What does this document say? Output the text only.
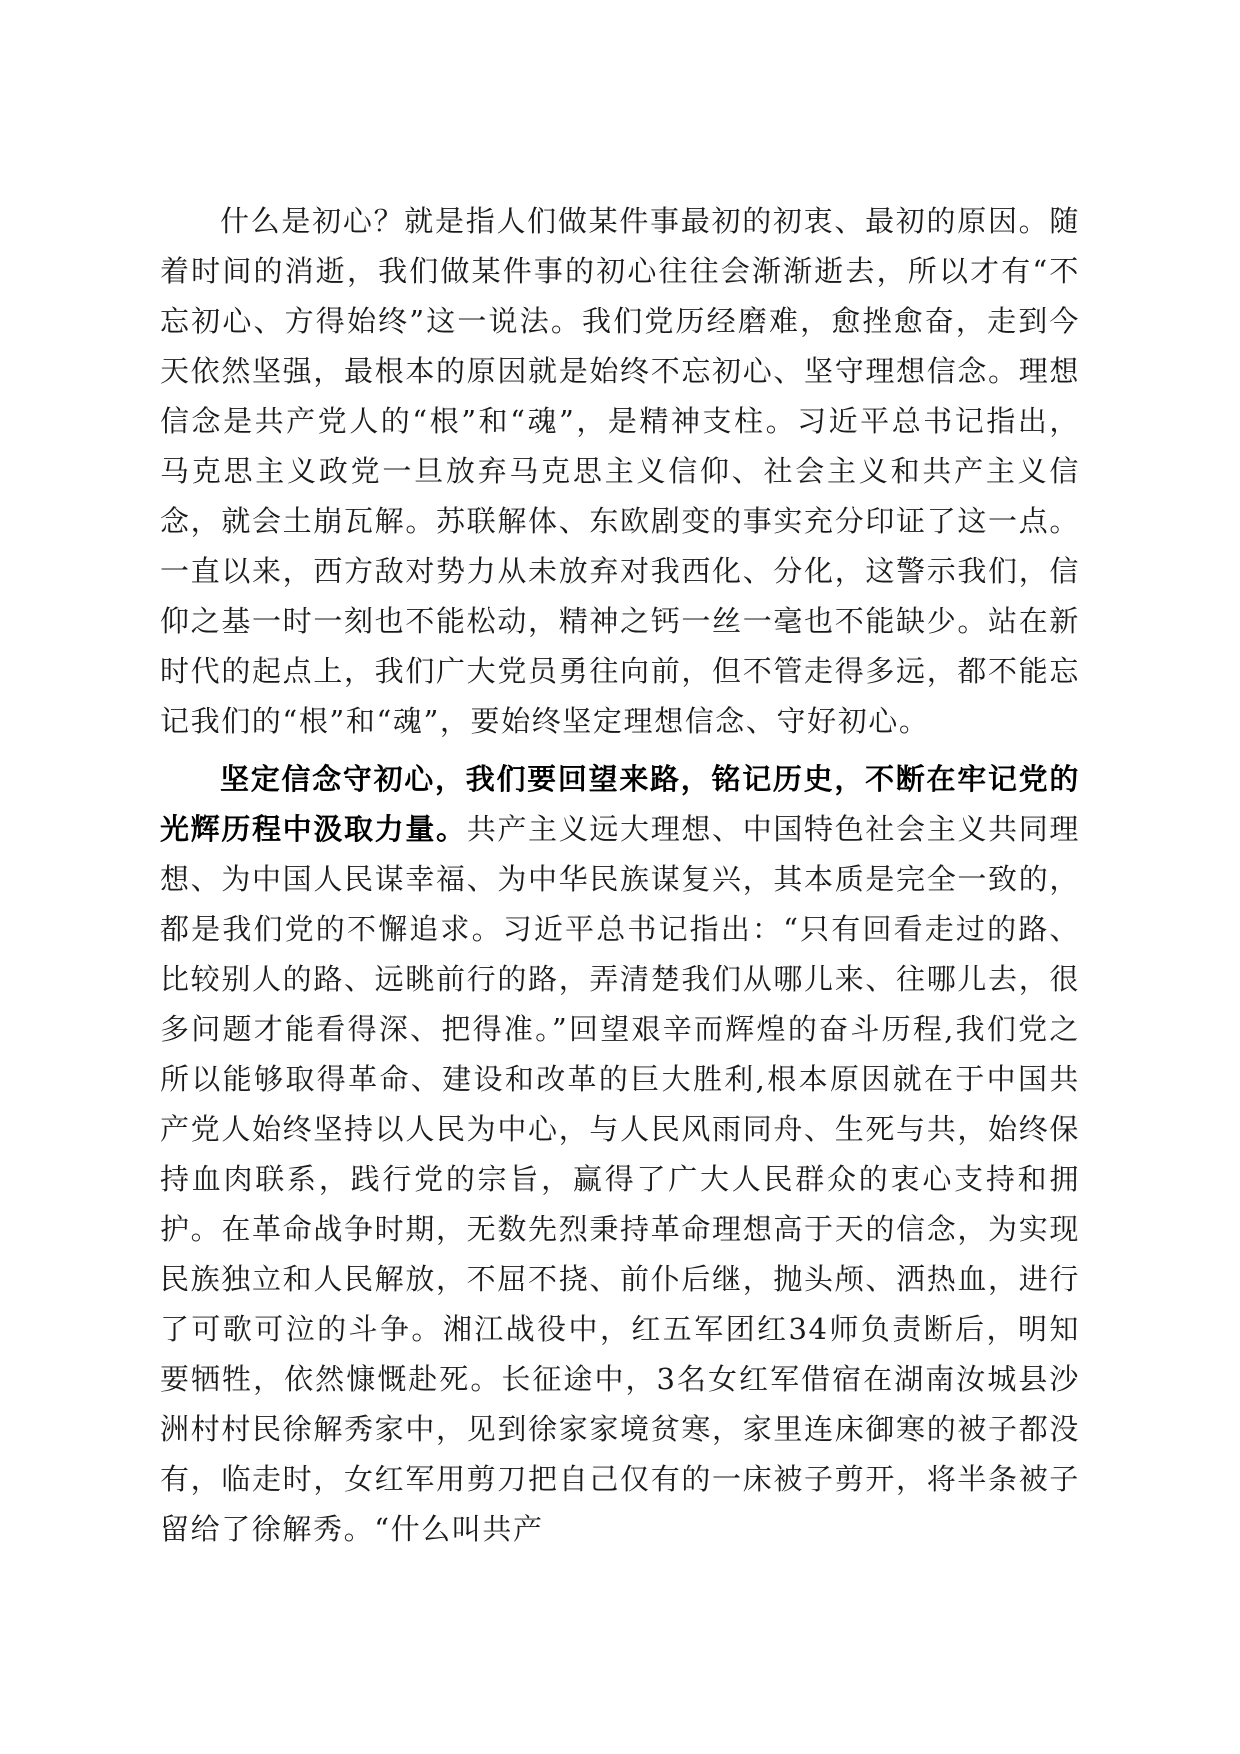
什么是初心？就是指人们做某件事最初的初衷、最初的原因。随着时间的消逝，我们做某件事的初心往往会渐渐逝去，所以才有“不忘初心、方得始终”这一说法。我们党历经磨难，愈挫愈奋，走到今天依然坚强，最根本的原因就是始终不忘初心、坚守理想信念。理想信念是共产党人的“根”和“魂”，是精神支柱。习近平总书记指出，马克思主义政党一旦放弃马克思主义信仰、社会主义和共产主义信念，就会土崩瓦解。苏联解体、东欧剧变的事实充分印证了这一点。一直以来，西方敌对势力从未放弃对我西化、分化，这警示我们，信仰之基一时一刻也不能松动，精神之钙一丝一毫也不能缺少。站在新时代的起点上，我们广大党员勇往向前，但不管走得多远，都不能忘记我们的“根”和“魂”，要始终坚定理想信念、守好初心。

坚定信念守初心，我们要回望来路，铭记历史，不断在牢记党的光辉历程中汲取力量。共产主义远大理想、中国特色社会主义共同理想、为中国人民谋幸福、为中华民族谋复兴，其本质是完全一致的，都是我们党的不懈追求。习近平总书记指出：“只有回看走过的路、比较别人的路、远眺前行的路，弄清楚我们从哪儿来、往哪儿去，很多问题才能看得深、把得准。”回望艰辛而辉煌的奋斗历程,我们党之所以能够取得革命、建设和改革的巨大胜利,根本原因就在于中国共产党人始终坚持以人民为中心，与人民风雨同舟、生死与共，始终保持血肉联系，践行党的宗旨，赢得了广大人民群众的衷心支持和拥护。在革命战争时期，无数先烈秉持革命理想高于天的信念，为实现民族独立和人民解放，不屈不挠、前仆后继，抛头颅、洒热血，进行了可歌可泣的斗争。湘江战役中，红五军团红34师负责断后，明知要牺牲，依然慷慨赴死。长征途中，3名女红军借宿在湖南汝城县沙洲村村民徐解秀家中，见到徐家家境贫寒，家里连床御寒的被子都没有，临走时，女红军用剪刀把自己仅有的一床被子剪开，将半条被子留给了徐解秀。“什么叫共产
